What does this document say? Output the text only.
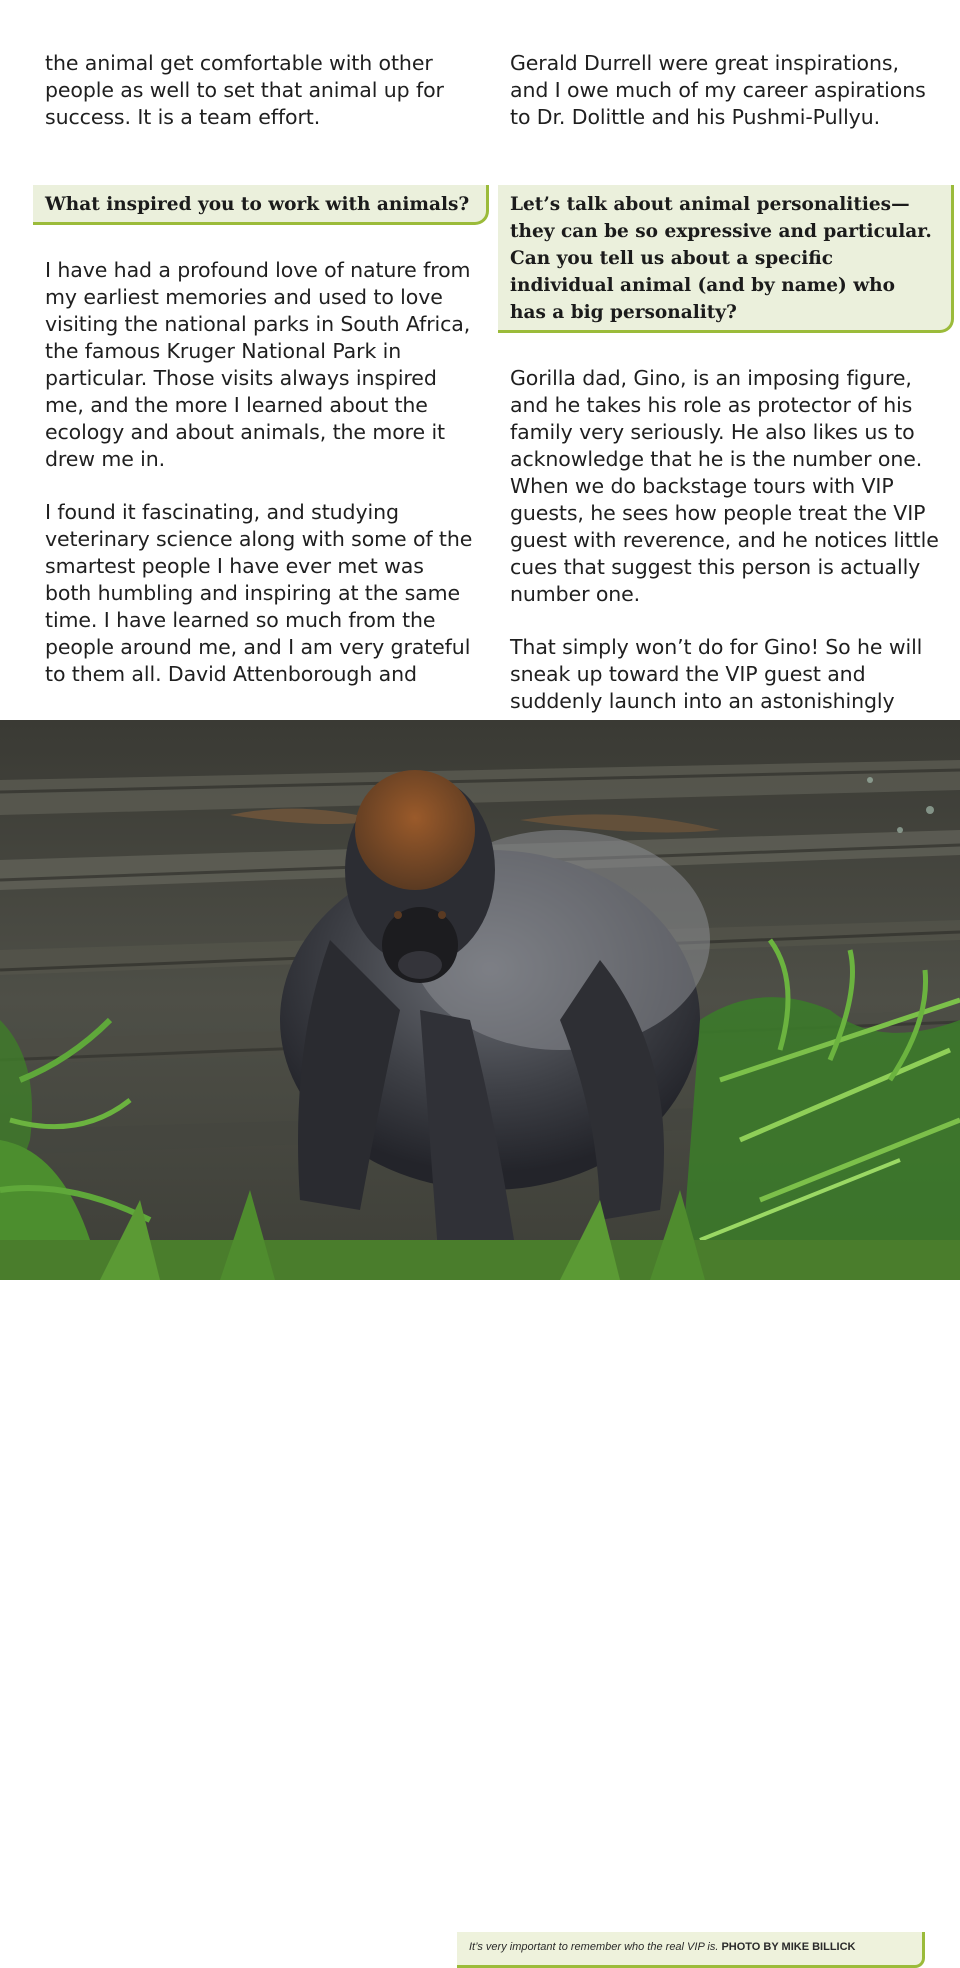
the animal get comfortable with other people as well to set that animal up for success. It is a team effort.

What inspired you to work with animals?

I have had a profound love of nature from my earliest memories and used to love visiting the national parks in South Africa, the famous Kruger National Park in particular. Those visits always inspired me, and the more I learned about the ecology and about animals, the more it drew me in.

I found it fascinating, and studying veterinary science along with some of the smartest people I have ever met was both humbling and inspiring at the same time. I have learned so much from the people around me, and I am very grateful to them all. David Attenborough and

Gerald Durrell were great inspirations, and I owe much of my career aspirations to Dr. Dolittle and his Pushmi-Pullyu.

Let’s talk about animal personalities—they can be so expressive and particular. Can you tell us about a specific individual animal (and by name) who has a big personality?

Gorilla dad, Gino, is an imposing figure, and he takes his role as protector of his family very seriously. He also likes us to acknowledge that he is the number one. When we do backstage tours with VIP guests, he sees how people treat the VIP guest with reverence, and he notices little cues that suggest this person is actually number one.

That simply won’t do for Gino! So he will sneak up toward the VIP guest and suddenly launch into an astonishingly

It’s very important to remember who the real VIP is. PHOTO BY MIKE BILLICK
